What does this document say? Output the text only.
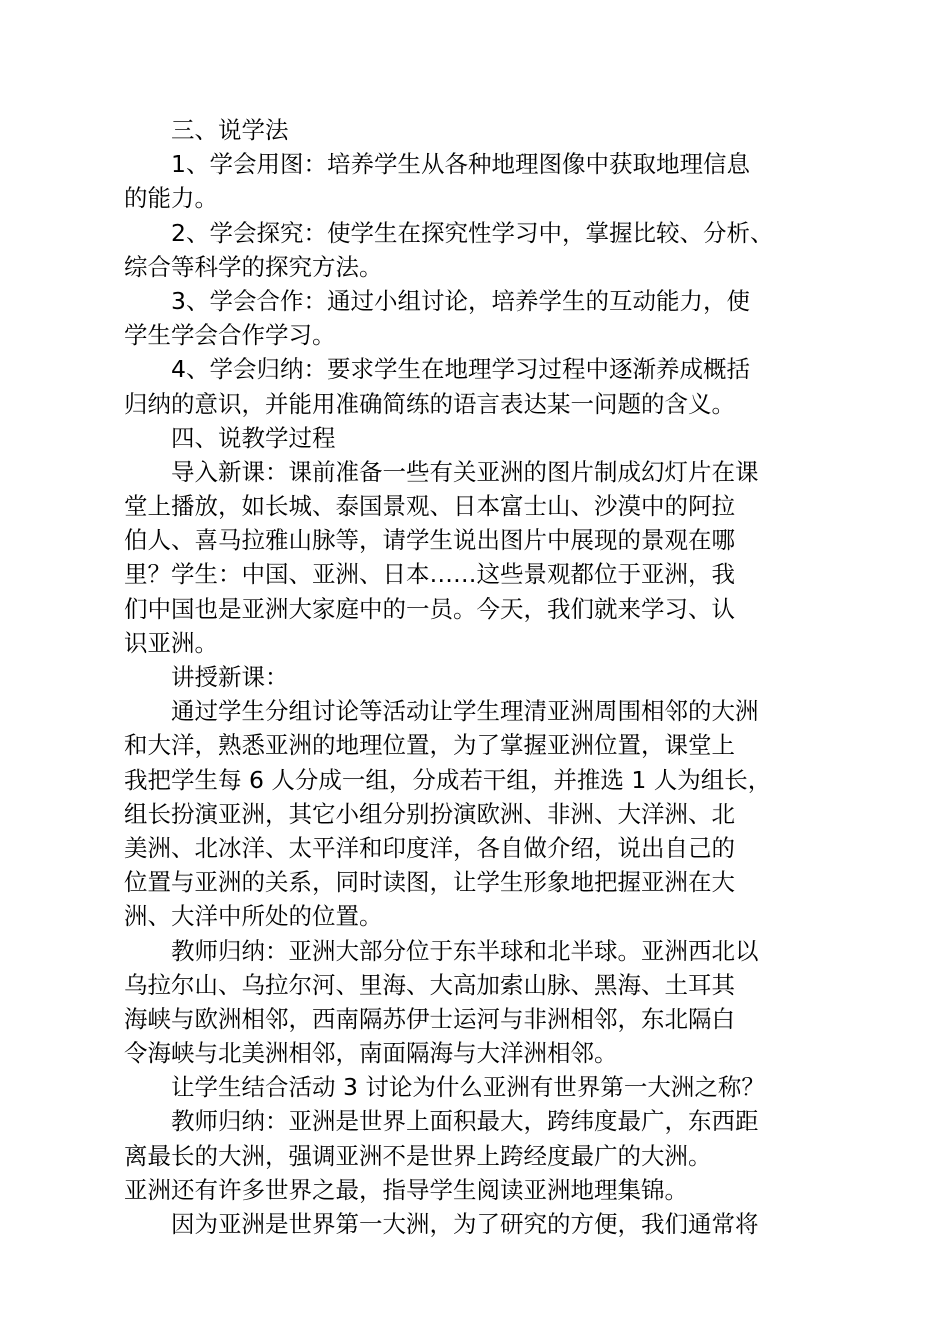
三、说学法
1、学会用图：培养学生从各种地理图像中获取地理信息
的能力。
2、学会探究：使学生在探究性学习中，掌握比较、分析、
综合等科学的探究方法。
3、学会合作：通过小组讨论，培养学生的互动能力，使
学生学会合作学习。
4、学会归纳：要求学生在地理学习过程中逐渐养成概括
归纳的意识，并能用准确简练的语言表达某一问题的含义。
四、说教学过程
导入新课：课前准备一些有关亚洲的图片制成幻灯片在课
堂上播放，如长城、泰国景观、日本富士山、沙漠中的阿拉
伯人、喜马拉雅山脉等，请学生说出图片中展现的景观在哪
里？学生：中国、亚洲、日本……这些景观都位于亚洲，我
们中国也是亚洲大家庭中的一员。今天，我们就来学习、认
识亚洲。
讲授新课：
通过学生分组讨论等活动让学生理清亚洲周围相邻的大洲
和大洋，熟悉亚洲的地理位置，为了掌握亚洲位置，课堂上
我把学生每 6 人分成一组，分成若干组，并推选 1 人为组长，
组长扮演亚洲，其它小组分别扮演欧洲、非洲、大洋洲、北
美洲、北冰洋、太平洋和印度洋，各自做介绍，说出自己的
位置与亚洲的关系，同时读图，让学生形象地把握亚洲在大
洲、大洋中所处的位置。
教师归纳：亚洲大部分位于东半球和北半球。亚洲西北以
乌拉尔山、乌拉尔河、里海、大高加索山脉、黑海、土耳其
海峡与欧洲相邻，西南隔苏伊士运河与非洲相邻，东北隔白
令海峡与北美洲相邻，南面隔海与大洋洲相邻。
让学生结合活动 3 讨论为什么亚洲有世界第一大洲之称？
教师归纳：亚洲是世界上面积最大，跨纬度最广，东西距
离最长的大洲，强调亚洲不是世界上跨经度最广的大洲。
亚洲还有许多世界之最，指导学生阅读亚洲地理集锦。
因为亚洲是世界第一大洲，为了研究的方便，我们通常将
